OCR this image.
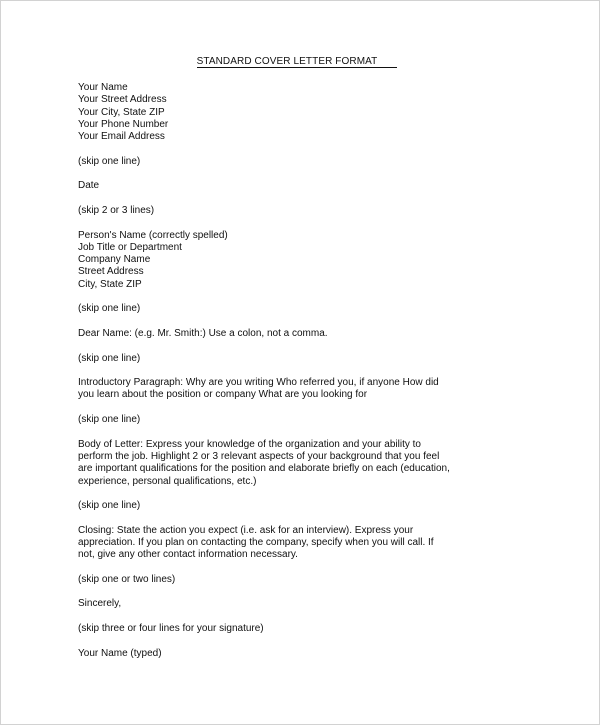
STANDARD COVER LETTER FORMAT
Your Name
Your Street Address
Your City, State ZIP
Your Phone Number
Your Email Address
(skip one line)
Date
(skip 2 or 3 lines)
Person's Name (correctly spelled)
Job Title or Department
Company Name
Street Address
City, State ZIP
(skip one line)
Dear Name: (e.g. Mr. Smith:) Use a colon, not a comma.
(skip one line)
Introductory Paragraph: Why are you writing Who referred you, if anyone How did
you learn about the position or company What are you looking for
(skip one line)
Body of Letter: Express your knowledge of the organization and your ability to
perform the job. Highlight 2 or 3 relevant aspects of your background that you feel
are important qualifications for the position and elaborate briefly on each (education,
experience, personal qualifications, etc.)
(skip one line)
Closing: State the action you expect (i.e. ask for an interview). Express your
appreciation. If you plan on contacting the company, specify when you will call. If
not, give any other contact information necessary.
(skip one or two lines)
Sincerely,
(skip three or four lines for your signature)
Your Name (typed)
